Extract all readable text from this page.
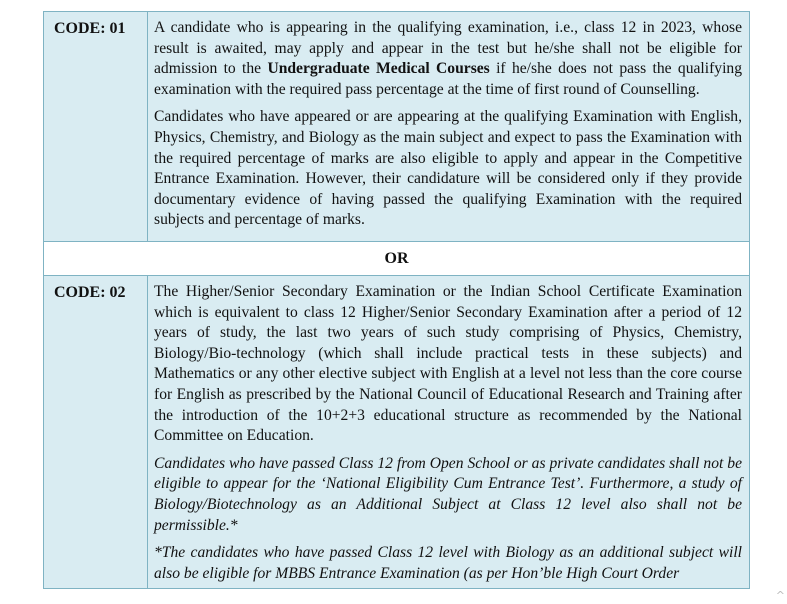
CODE: 01	A candidate who is appearing in the qualifying examination, i.e., class 12 in 2023, whose result is awaited, may apply and appear in the test but he/she shall not be eligible for admission to the Undergraduate Medical Courses if he/she does not pass the qualifying examination with the required pass percentage at the time of first round of Counselling.

Candidates who have appeared or are appearing at the qualifying Examination with English, Physics, Chemistry, and Biology as the main subject and expect to pass the Examination with the required percentage of marks are also eligible to apply and appear in the Competitive Entrance Examination. However, their candidature will be considered only if they provide documentary evidence of having passed the qualifying Examination with the required subjects and percentage of marks.

OR
CODE: 02	The Higher/Senior Secondary Examination or the Indian School Certificate Examination which is equivalent to class 12 Higher/Senior Secondary Examination after a period of 12 years of study, the last two years of such study comprising of Physics, Chemistry, Biology/Bio-technology (which shall include practical tests in these subjects) and Mathematics or any other elective subject with English at a level not less than the core course for English as prescribed by the National Council of Educational Research and Training after the introduction of the 10+2+3 educational structure as recommended by the National Committee on Education.

Candidates who have passed Class 12 from Open School or as private candidates shall not be eligible to appear for the ‘National Eligibility Cum Entrance Test’. Furthermore, a study of Biology/Biotechnology as an Additional Subject at Class 12 level also shall not be permissible.*

*The candidates who have passed Class 12 level with Biology as an additional subject will also be eligible for MBBS Entrance Examination (as per Hon’ble High Court Order

^
